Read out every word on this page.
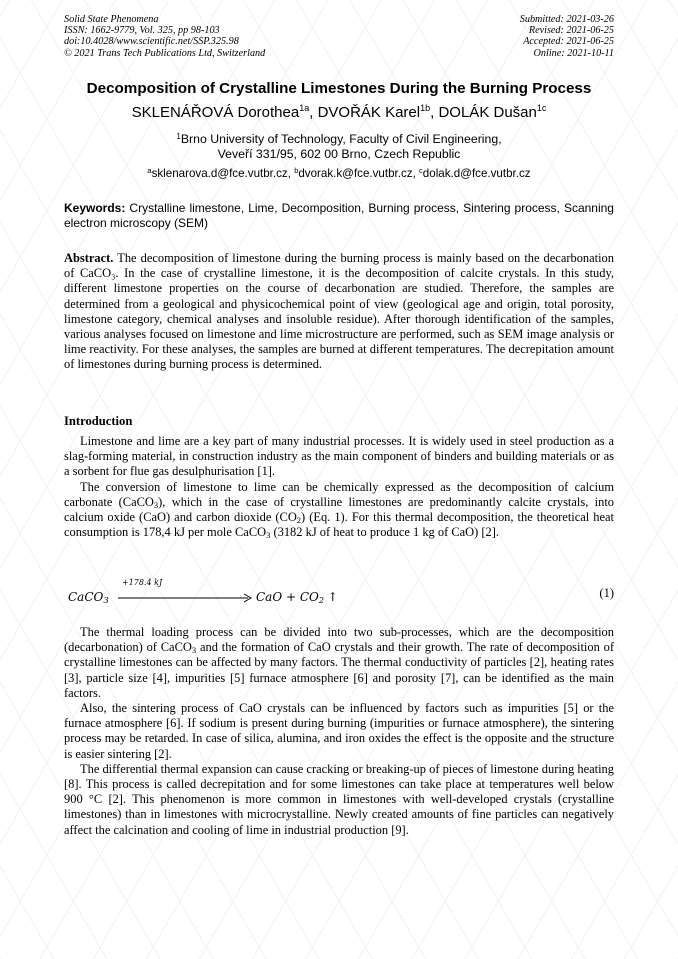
Solid State Phenomena
ISSN: 1662-9779, Vol. 325, pp 98-103
doi:10.4028/www.scientific.net/SSP.325.98
© 2021 Trans Tech Publications Ltd, Switzerland
Submitted: 2021-03-26
Revised: 2021-06-25
Accepted: 2021-06-25
Online: 2021-10-11
Decomposition of Crystalline Limestones During the Burning Process
SKLENÁŘOVÁ Dorothea$^{1a}$, DVOŘÁK Karel$^{1b}$, DOLÁK Dušan$^{1c}$
$^1$Brno University of Technology, Faculty of Civil Engineering,
Veveří 331/95, 602 00 Brno, Czech Republic
$^a$sklenarova.d@fce.vutbr.cz, $^b$dvorak.k@fce.vutbr.cz, $^c$dolak.d@fce.vutbr.cz
Keywords: Crystalline limestone, Lime, Decomposition, Burning process, Sintering process, Scanning electron microscopy (SEM)
Abstract. The decomposition of limestone during the burning process is mainly based on the decarbonation of CaCO₃. In the case of crystalline limestone, it is the decomposition of calcite crystals. In this study, different limestone properties on the course of decarbonation are studied. Therefore, the samples are determined from a geological and physicochemical point of view (geological age and origin, total porosity, limestone category, chemical analyses and insoluble residue). After thorough identification of the samples, various analyses focused on limestone and lime microstructure are performed, such as SEM image analysis or lime reactivity. For these analyses, the samples are burned at different temperatures. The decrepitation amount of limestones during burning process is determined.
Introduction

Limestone and lime are a key part of many industrial processes. It is widely used in steel production as a slag-forming material, in construction industry as the main component of binders and building materials or as a sorbent for flue gas desulphurisation [1].

The conversion of limestone to lime can be chemically expressed as the decomposition of calcium carbonate (CaCO$_3$), which in the case of crystalline limestones are predominantly calcite crystals, into calcium oxide (CaO) and carbon dioxide $(CO_2)$ (Eq. 1). For this thermal decomposition, the theoretical heat consumption is 178,4 kJ per mole CaCO$_3$ (3182 kJ of heat to produce 1 kg of CaO) [2].

CaCO$_3$
+178.4 kJ
CaO + $CO_2$ ↑	(1)

The thermal loading process can be divided into two sub-processes, which are the decomposition (decarbonation) of CaCO$_3$ and the formation of CaO crystals and their growth. The rate of decomposition of crystalline limestones can be affected by many factors. The thermal conductivity of particles [2], heating rates [3], particle size [4], impurities [5] furnace atmosphere [6] and porosity [7], can be identified as the main factors.

Also, the sintering process of CaO crystals can be influenced by factors such as impurities [5] or the furnace atmosphere [6]. If sodium is present during burning (impurities or furnace atmosphere), the sintering process may be retarded. In case of silica, alumina, and iron oxides the effect is the opposite and the structure is easier sintering [2].

The differential thermal expansion can cause cracking or breaking-up of pieces of limestone during heating [8]. This process is called decrepitation and for some limestones can take place at temperatures well below 900 °C [2]. This phenomenon is more common in limestones with well-developed crystals (crystalline limestones) than in limestones with microcrystalline. Newly created amounts of fine particles can negatively affect the calcination and cooling of lime in industrial production [9].
